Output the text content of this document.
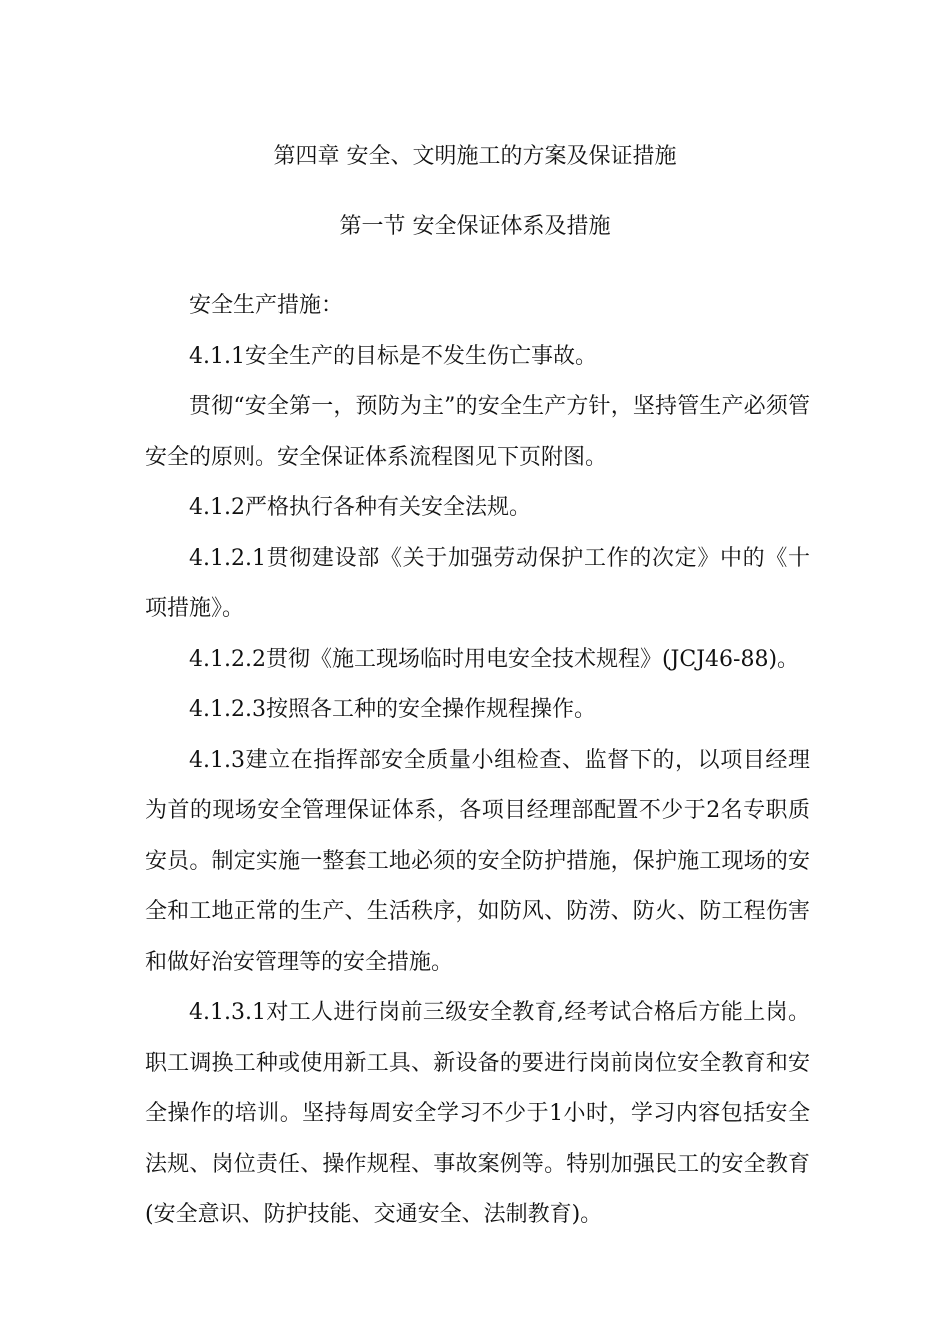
第四章 安全、文明施工的方案及保证措施
第一节 安全保证体系及措施

安全生产措施：

4.1.1安全生产的目标是不发生伤亡事故。

贯彻“安全第一，预防为主”的安全生产方针，坚持管生产必须管安全的原则。安全保证体系流程图见下页附图。

4.1.2严格执行各种有关安全法规。

4.1.2.1贯彻建设部《关于加强劳动保护工作的次定》中的《十项措施》。

4.1.2.2贯彻《施工现场临时用电安全技术规程》(JCJ46-88)。

4.1.2.3按照各工种的安全操作规程操作。

4.1.3建立在指挥部安全质量小组检查、监督下的，以项目经理为首的现场安全管理保证体系，各项目经理部配置不少于2名专职质安员。制定实施一整套工地必须的安全防护措施，保护施工现场的安全和工地正常的生产、生活秩序，如防风、防涝、防火、防工程伤害和做好治安管理等的安全措施。

4.1.3.1对工人进行岗前三级安全教育,经考试合格后方能上岗。职工调换工种或使用新工具、新设备的要进行岗前岗位安全教育和安全操作的培训。坚持每周安全学习不少于1小时，学习内容包括安全法规、岗位责任、操作规程、事故案例等。特别加强民工的安全教育(安全意识、防护技能、交通安全、法制教育)。
